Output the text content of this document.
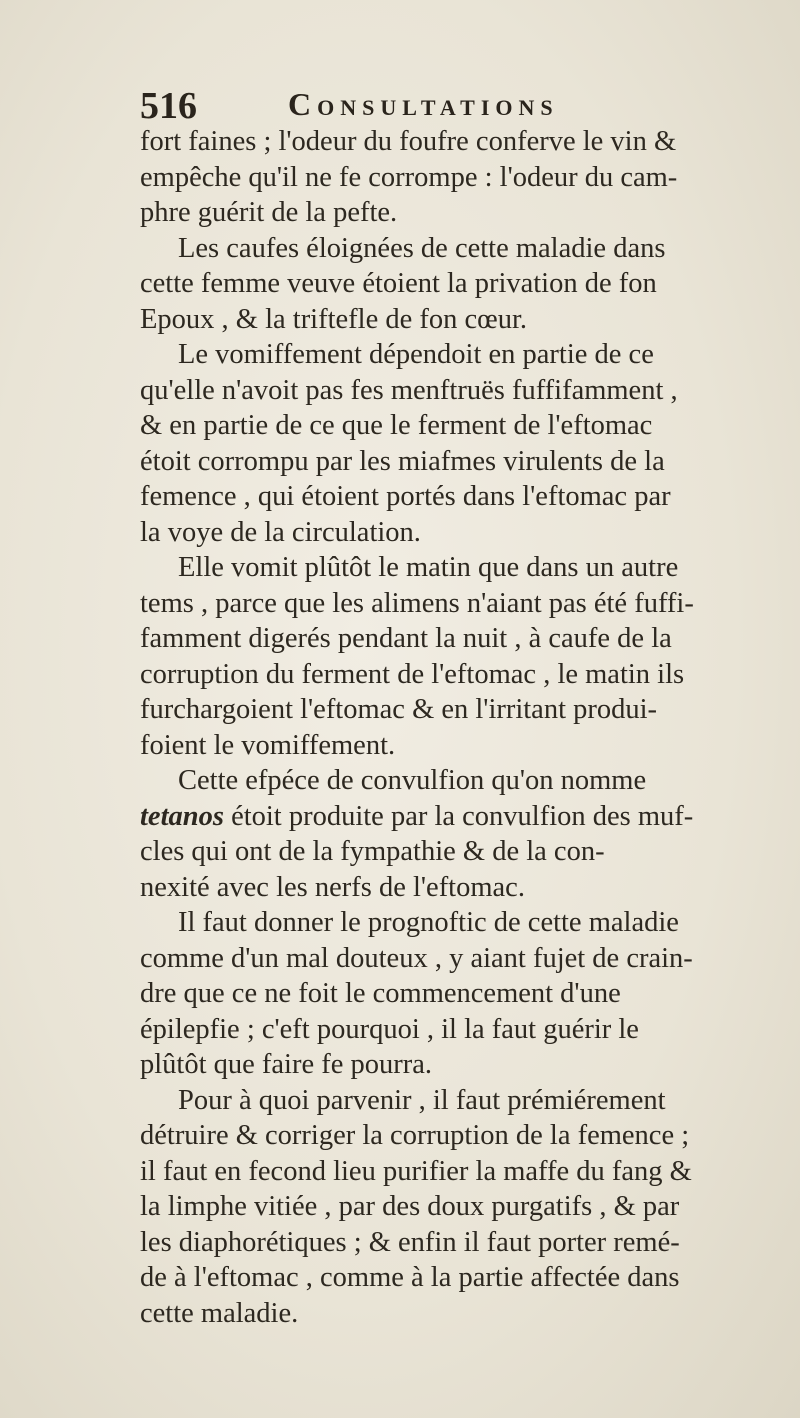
516	Consultations
fort faines ; l'odeur du foufre conferve le vin &
empêche qu'il ne fe corrompe : l'odeur du cam-
phre guérit de la pefte.
Les caufes éloignées de cette maladie dans
cette femme veuve étoient la privation de fon
Epoux , & la triftefle de fon cœur.
Le vomiffement dépendoit en partie de ce
qu'elle n'avoit pas fes menftruës fuffifamment ,
& en partie de ce que le ferment de l'eftomac
étoit corrompu par les miafmes virulents de la
femence , qui étoient portés dans l'eftomac par
la voye de la circulation.
Elle vomit plûtôt le matin que dans un autre
tems , parce que les alimens n'aiant pas été fuffi-
famment digerés pendant la nuit , à caufe de la
corruption du ferment de l'eftomac , le matin ils
furchargoient l'eftomac & en l'irritant produi-
foient le vomiffement.
Cette efpéce de convulfion qu'on nomme
tetanos étoit produite par la convulfion des muf-
cles qui ont de la fympathie & de la con-
nexité avec les nerfs de l'eftomac.
Il faut donner le prognoftic de cette maladie
comme d'un mal douteux , y aiant fujet de crain-
dre que ce ne foit le commencement d'une
épilepfie ; c'eft pourquoi , il la faut guérir le
plûtôt que faire fe pourra.
Pour à quoi parvenir , il faut prémiérement
détruire & corriger la corruption de la femence ;
il faut en fecond lieu purifier la maffe du fang &
la limphe vitiée , par des doux purgatifs , & par
les diaphorétiques ; & enfin il faut porter remé-
de à l'eftomac , comme à la partie affectée dans
cette maladie.
